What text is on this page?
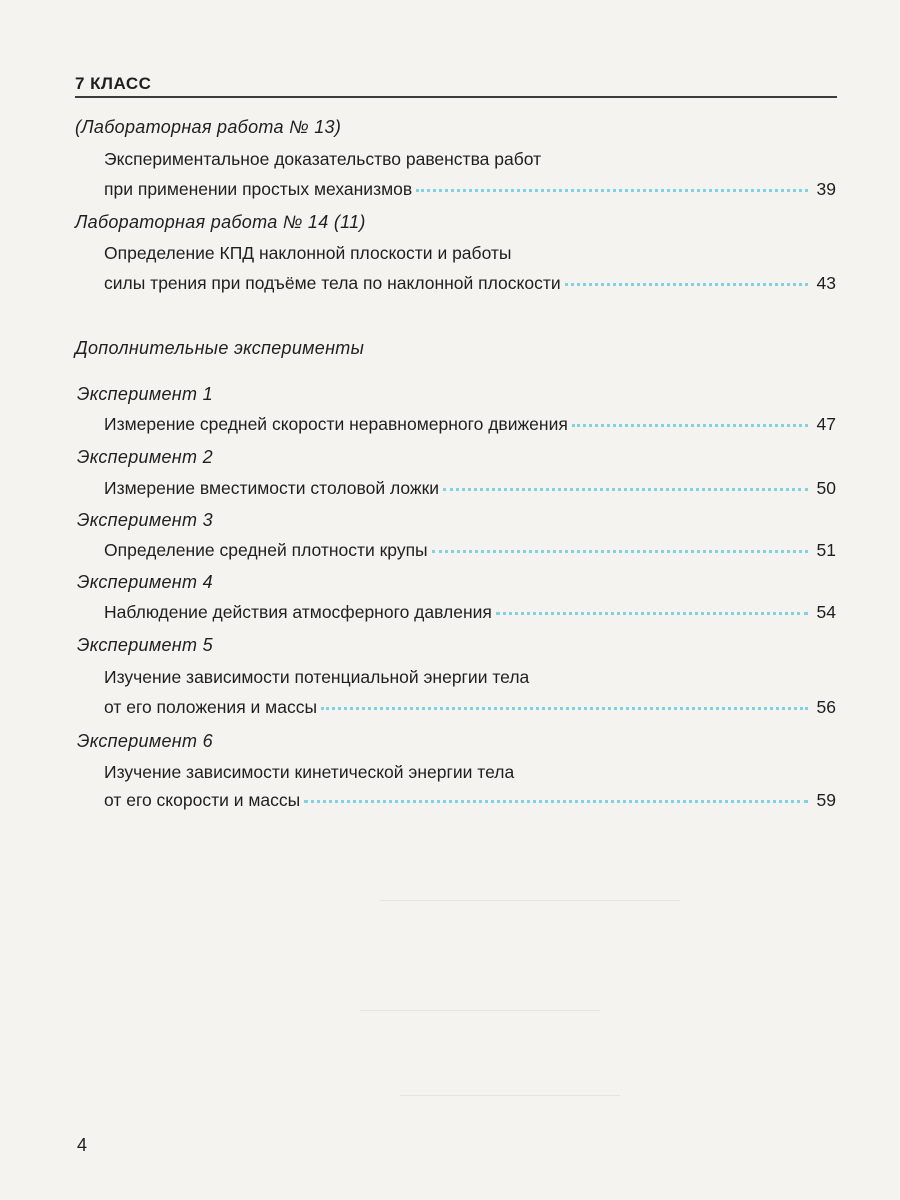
7 КЛАСС
(Лабораторная работа № 13)
Экспериментальное доказательство равенства работ
при применении простых механизмов	39
Лабораторная работа № 14 (11)
Определение КПД наклонной плоскости и работы
силы трения при подъёме тела по наклонной плоскости	43
Дополнительные эксперименты
Эксперимент 1
Измерение средней скорости неравномерного движения	47
Эксперимент 2
Измерение вместимости столовой ложки	50
Эксперимент 3
Определение средней плотности крупы	51
Эксперимент 4
Наблюдение действия атмосферного давления	54
Эксперимент 5
Изучение зависимости потенциальной энергии тела
от его положения и массы	56
Эксперимент 6
Изучение зависимости кинетической энергии тела
от его скорости и массы	59
4
